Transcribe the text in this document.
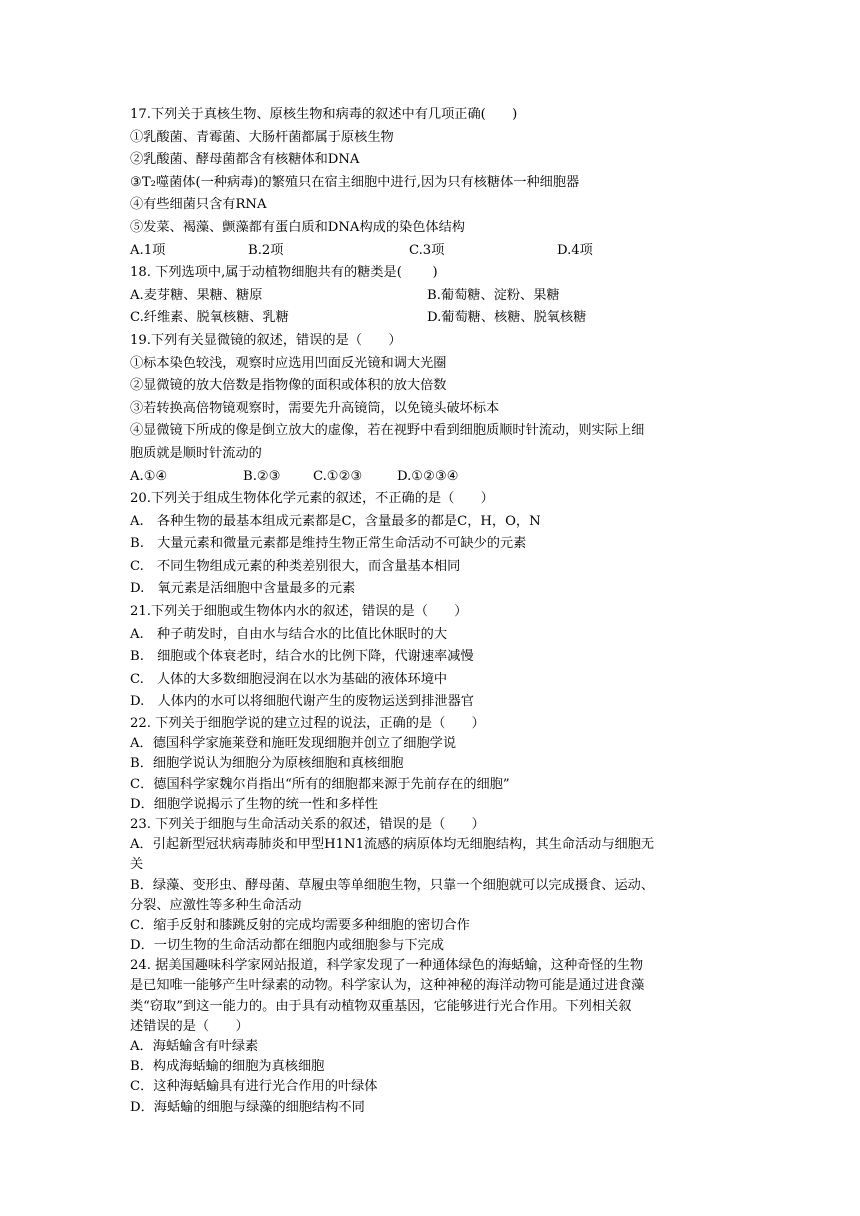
17.下列关于真核生物、原核生物和病毒的叙述中有几项正确(　　)
①乳酸菌、青霉菌、大肠杆菌都属于原核生物
②乳酸菌、酵母菌都含有核糖体和DNA
③T₂噬菌体(一种病毒)的繁殖只在宿主细胞中进行,因为只有核糖体一种细胞器
④有些细菌只含有RNA
⑤发菜、褐藻、颤藻都有蛋白质和DNA构成的染色体结构
A.1项	B.2项	C.3项	D.4项
18. 下列选项中,属于动植物细胞共有的糖类是(　　 )
A.麦芽糖、果糖、糖原	B.葡萄糖、淀粉、果糖
C.纤维素、脱氧核糖、乳糖	D.葡萄糖、核糖、脱氧核糖
19.下列有关显微镜的叙述，错误的是（　　）
①标本染色较浅，观察时应选用凹面反光镜和调大光圈
②显微镜的放大倍数是指物像的面积或体积的放大倍数
③若转换高倍物镜观察时，需要先升高镜筒，以免镜头破坏标本
④显微镜下所成的像是倒立放大的虚像，若在视野中看到细胞质顺时针流动，则实际上细
胞质就是顺时针流动的
A.①④	B.②③	C.①②③	D.①②③④
20.下列关于组成生物体化学元素的叙述，不正确的是（　　）
A.　各种生物的最基本组成元素都是C，含量最多的都是C，H，O，N
B.　大量元素和微量元素都是维持生物正常生命活动不可缺少的元素
C.　不同生物组成元素的种类差别很大，而含量基本相同
D.　氧元素是活细胞中含量最多的元素
21.下列关于细胞或生物体内水的叙述，错误的是（　　）
A.　种子萌发时，自由水与结合水的比值比休眠时的大
B.　细胞或个体衰老时，结合水的比例下降，代谢速率减慢
C.　人体的大多数细胞浸润在以水为基础的液体环境中
D.　人体内的水可以将细胞代谢产生的废物运送到排泄器官
22. 下列关于细胞学说的建立过程的说法，正确的是（　　）
A．德国科学家施莱登和施旺发现细胞并创立了细胞学说
B．细胞学说认为细胞分为原核细胞和真核细胞
C．德国科学家魏尔肖指出“所有的细胞都来源于先前存在的细胞”
D．细胞学说揭示了生物的统一性和多样性
23. 下列关于细胞与生命活动关系的叙述，错误的是（　　）
A．引起新型冠状病毒肺炎和甲型H1N1流感的病原体均无细胞结构，其生命活动与细胞无
关
B．绿藻、变形虫、酵母菌、草履虫等单细胞生物，只靠一个细胞就可以完成摄食、运动、
分裂、应激性等多种生命活动
C．缩手反射和膝跳反射的完成均需要多种细胞的密切合作
D．一切生物的生命活动都在细胞内或细胞参与下完成
24. 据美国趣味科学家网站报道，科学家发现了一种通体绿色的海蛞蝓，这种奇怪的生物
是已知唯一能够产生叶绿素的动物。科学家认为，这种神秘的海洋动物可能是通过进食藻
类“窃取”到这一能力的。由于具有动植物双重基因，它能够进行光合作用。下列相关叙
述错误的是（　　）
A．海蛞蝓含有叶绿素
B．构成海蛞蝓的细胞为真核细胞
C．这种海蛞蝓具有进行光合作用的叶绿体
D．海蛞蝓的细胞与绿藻的细胞结构不同
